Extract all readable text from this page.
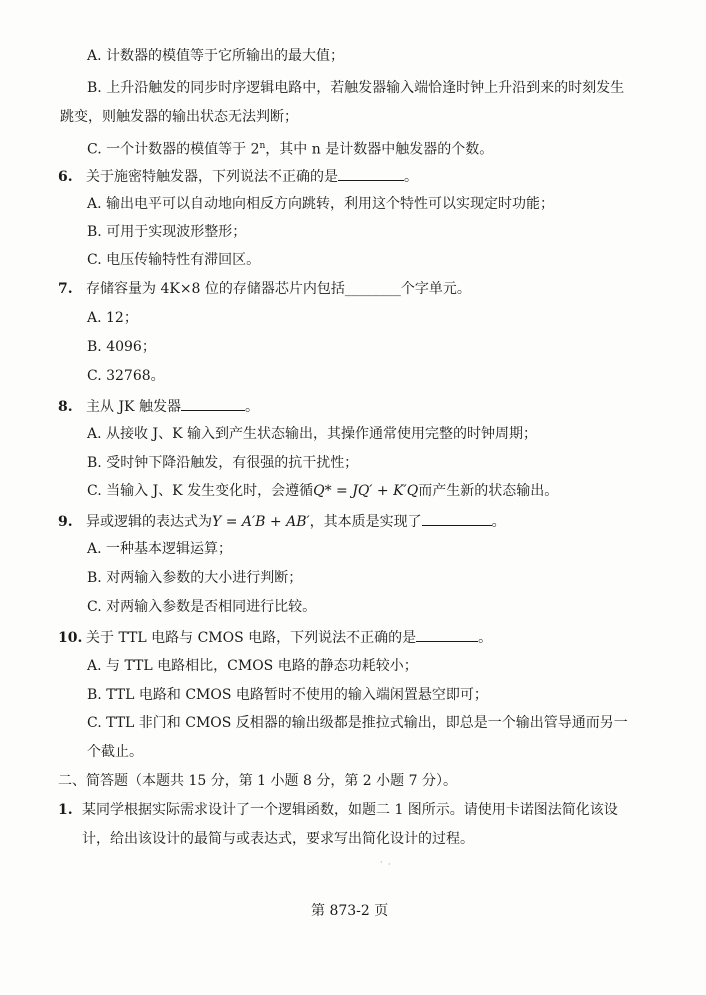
A. 计数器的模值等于它所输出的最大值；
B. 上升沿触发的同步时序逻辑电路中，若触发器输入端恰逢时钟上升沿到来的时刻发生
跳变，则触发器的输出状态无法判断；
C. 一个计数器的模值等于 2$^n$，其中 n 是计数器中触发器的个数。
6. 关于施密特触发器，下列说法不正确的是	。
A. 输出电平可以自动地向相反方向跳转，利用这个特性可以实现定时功能；
B. 可用于实现波形整形；
C. 电压传输特性有滞回区。
7. 存储容量为 4K×8 位的存储器芯片内包括________个字单元。
A. 12；
B. 4096；
C. 32768。
8. 主从 JK 触发器	。
A. 从接收 J、K 输入到产生状态输出，其操作通常使用完整的时钟周期；
B. 受时钟下降沿触发，有很强的抗干扰性；
C. 当输入 J、K 发生变化时，会遵循Q* = JQ′ + K′Q而产生新的状态输出。
9. 异或逻辑的表达式为Y = A′B + AB′，其本质是实现了	。
A. 一种基本逻辑运算；
B. 对两输入参数的大小进行判断；
C. 对两输入参数是否相同进行比较。
10. 关于 TTL 电路与 CMOS 电路，下列说法不正确的是	。
A. 与 TTL 电路相比，CMOS 电路的静态功耗较小；
B. TTL 电路和 CMOS 电路暂时不使用的输入端闲置悬空即可；
C. TTL 非门和 CMOS 反相器的输出级都是推拉式输出，即总是一个输出管导通而另一
个截止。
二、简答题（本题共 15 分，第 1 小题 8 分，第 2 小题 7 分）。
1. 某同学根据实际需求设计了一个逻辑函数，如题二 1 图所示。请使用卡诺图法简化该设
计，给出该设计的最简与或表达式，要求写出简化设计的过程。
· ·
第 873-2 页
